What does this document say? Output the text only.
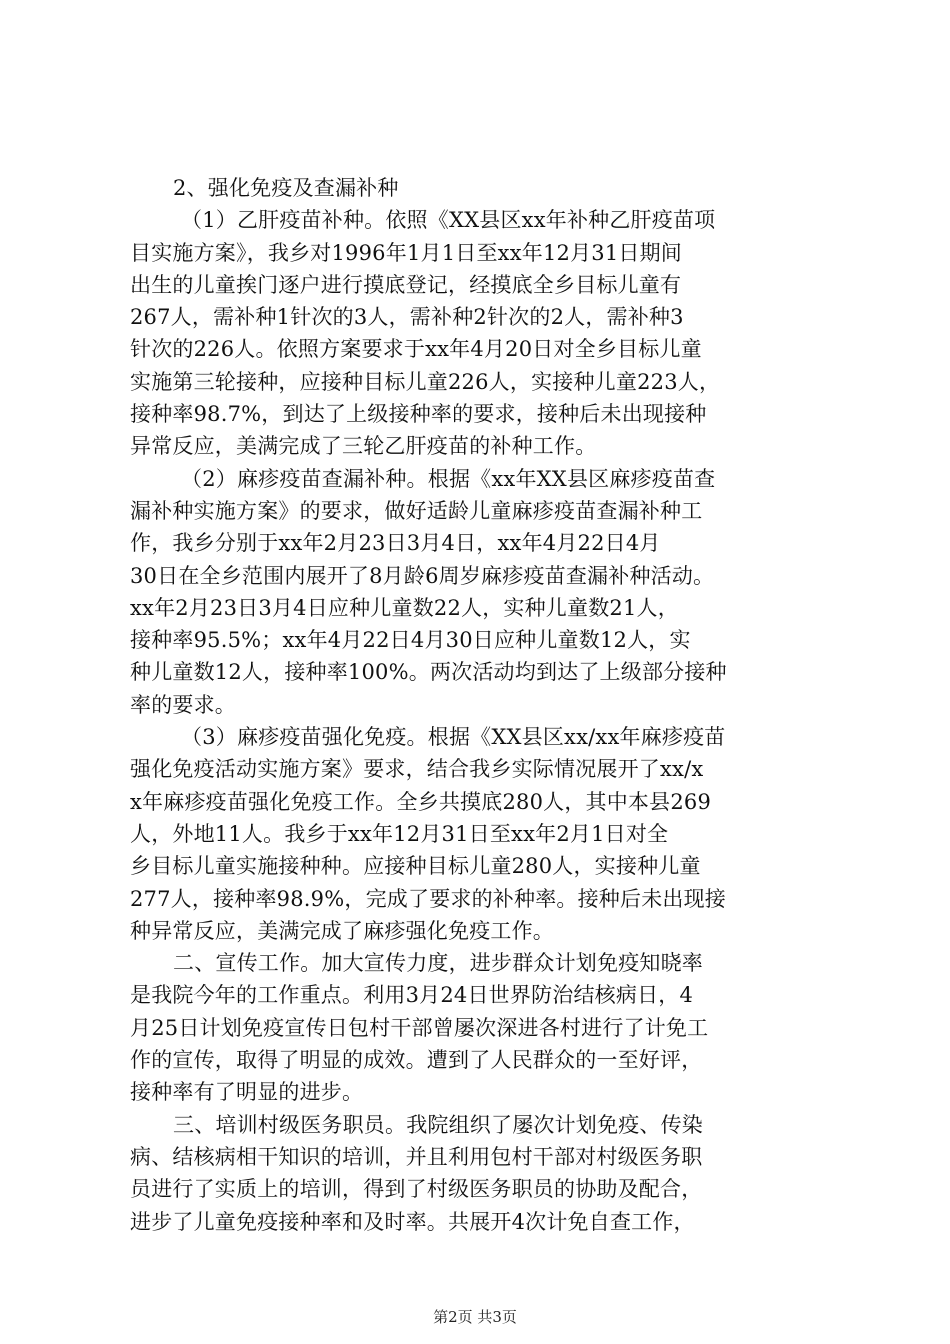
2、强化免疫及查漏补种
（1）乙肝疫苗补种。依照《XX县区xx年补种乙肝疫苗项
目实施方案》，我乡对1996年1月1日至xx年12月31日期间
出生的儿童挨门逐户进行摸底登记，经摸底全乡目标儿童有
267人，需补种1针次的3人，需补种2针次的2人，需补种3
针次的226人。依照方案要求于xx年4月20日对全乡目标儿童
实施第三轮接种，应接种目标儿童226人，实接种儿童223人，
接种率98.7%，到达了上级接种率的要求，接种后未出现接种
异常反应，美满完成了三轮乙肝疫苗的补种工作。
（2）麻疹疫苗查漏补种。根据《xx年XX县区麻疹疫苗查
漏补种实施方案》的要求，做好适龄儿童麻疹疫苗查漏补种工
作，我乡分别于xx年2月23日3月4日，xx年4月22日4月
30日在全乡范围内展开了8月龄6周岁麻疹疫苗查漏补种活动。
xx年2月23日3月4日应种儿童数22人，实种儿童数21人，
接种率95.5%；xx年4月22日4月30日应种儿童数12人，实
种儿童数12人，接种率100%。两次活动均到达了上级部分接种
率的要求。
（3）麻疹疫苗强化免疫。根据《XX县区xx/xx年麻疹疫苗
强化免疫活动实施方案》要求，结合我乡实际情况展开了xx/x
x年麻疹疫苗强化免疫工作。全乡共摸底280人，其中本县269
人，外地11人。我乡于xx年12月31日至xx年2月1日对全
乡目标儿童实施接种种。应接种目标儿童280人，实接种儿童
277人，接种率98.9%，完成了要求的补种率。接种后未出现接
种异常反应，美满完成了麻疹强化免疫工作。
二、宣传工作。加大宣传力度，进步群众计划免疫知晓率
是我院今年的工作重点。利用3月24日世界防治结核病日，4
月25日计划免疫宣传日包村干部曾屡次深进各村进行了计免工
作的宣传，取得了明显的成效。遭到了人民群众的一至好评，
接种率有了明显的进步。
三、培训村级医务职员。我院组织了屡次计划免疫、传染
病、结核病相干知识的培训，并且利用包村干部对村级医务职
员进行了实质上的培训，得到了村级医务职员的协助及配合，
进步了儿童免疫接种率和及时率。共展开4次计免自查工作，
第2页 共3页
